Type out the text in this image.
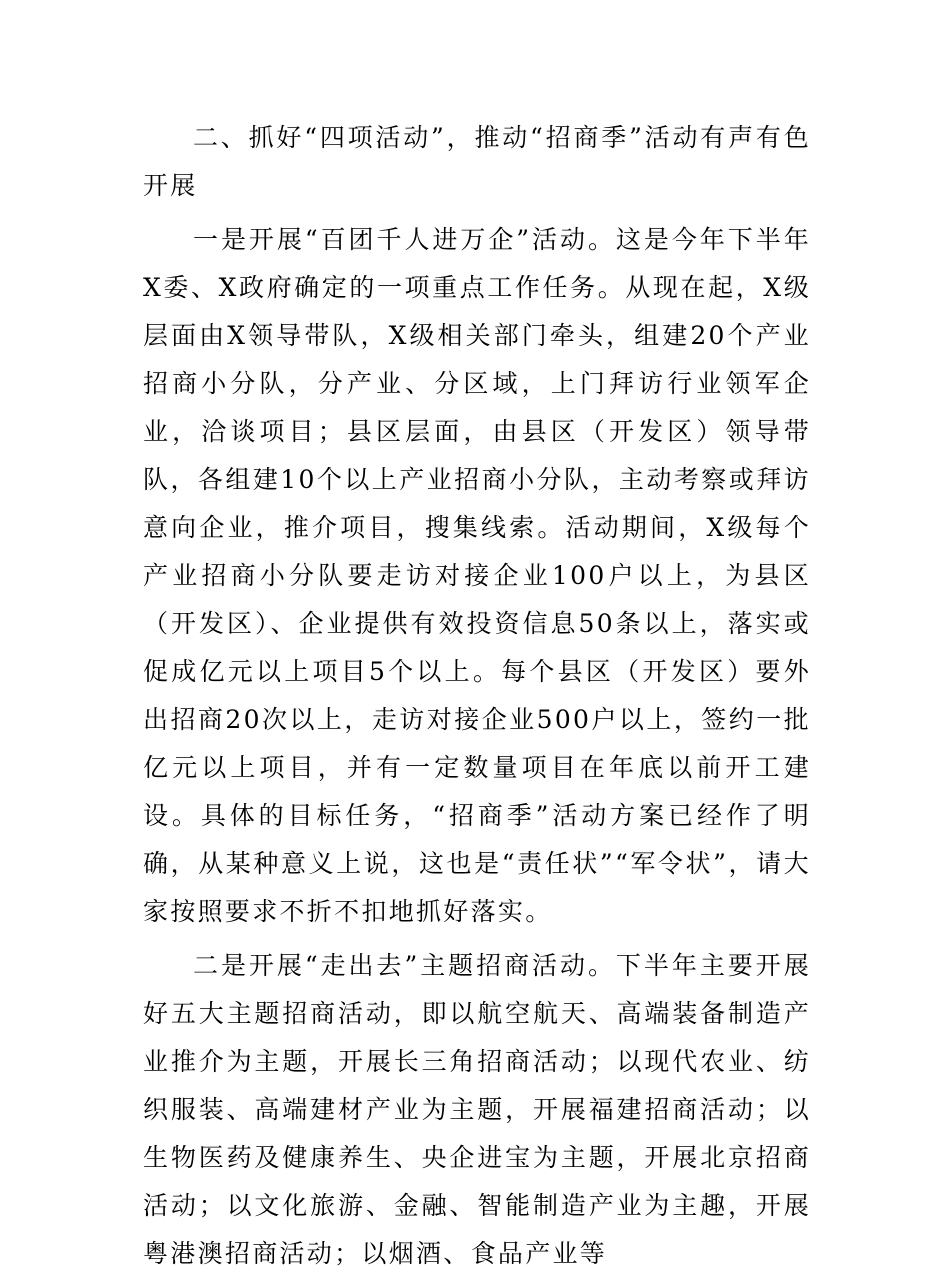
二、抓好“四项活动”，推动“招商季”活动有声有色开展

一是开展“百团千人进万企”活动。这是今年下半年X委、X政府确定的一项重点工作任务。从现在起，X级层面由X领导带队，X级相关部门牵头，组建20个产业招商小分队，分产业、分区域，上门拜访行业领军企业，洽谈项目；县区层面，由县区（开发区）领导带队，各组建10个以上产业招商小分队，主动考察或拜访意向企业，推介项目，搜集线索。活动期间，X级每个产业招商小分队要走访对接企业100户以上，为县区（开发区）、企业提供有效投资信息50条以上，落实或促成亿元以上项目5个以上。每个县区（开发区）要外出招商20次以上，走访对接企业500户以上，签约一批亿元以上项目，并有一定数量项目在年底以前开工建设。具体的目标任务，“招商季”活动方案已经作了明确，从某种意义上说，这也是“责任状”“军令状”，请大家按照要求不折不扣地抓好落实。

二是开展“走出去”主题招商活动。下半年主要开展好五大主题招商活动，即以航空航天、高端装备制造产业推介为主题，开展长三角招商活动；以现代农业、纺织服装、高端建材产业为主题，开展福建招商活动；以生物医药及健康养生、央企进宝为主题，开展北京招商活动；以文化旅游、金融、智能制造产业为主趣，开展粤港澳招商活动；以烟酒、食品产业等
